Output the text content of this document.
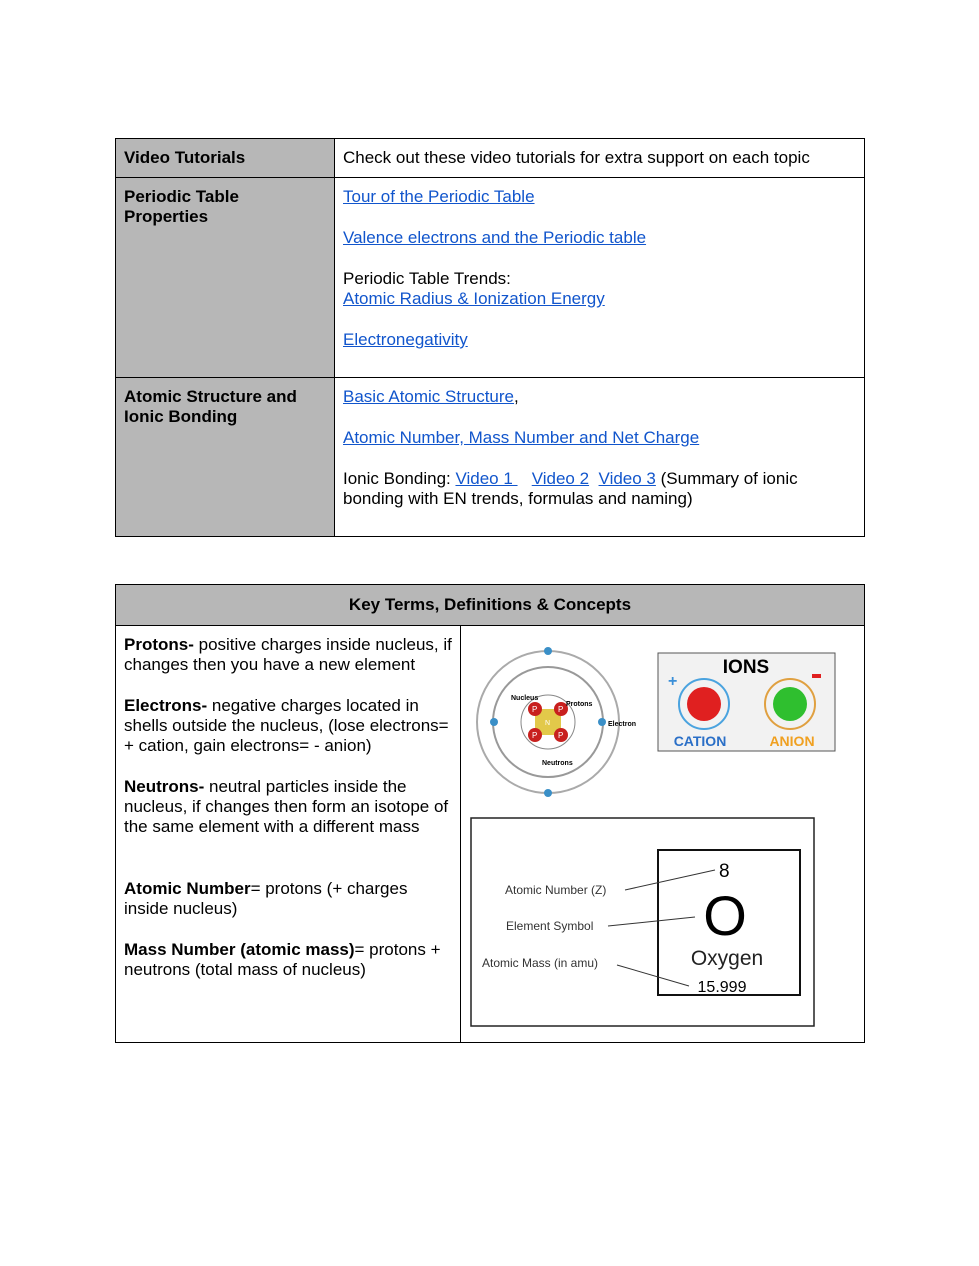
Video Tutorials	Check out these video tutorials for extra support on each topic
Periodic Table Properties	Tour of the Periodic Table

Valence electrons and the Periodic table

Periodic Table Trends:

Atomic Radius & Ionization Energy

Electronegativity

Atomic Structure and Ionic Bonding	Basic Atomic Structure,

Atomic Number, Mass Number and Net Charge

Ionic Bonding: Video 1    Video 2 Video 3 (Summary of ionic bonding with EN trends, formulas and naming)

Key Terms, Definitions & Concepts

Protons- positive charges inside nucleus, if changes then you have a new element

Electrons- negative charges located in shells outside the nucleus, (lose electrons= + cation, gain electrons= - anion)

Neutrons- neutral particles inside the nucleus, if changes then form an isotope of the same element with a different mass

Atomic Number= protons (+ charges inside nucleus)

Mass Number (atomic mass)= protons + neutrons (total mass of nucleus)

P	P
P	P
N
Nucleus
Protons
Electron
Neutrons
IONS
+
CATION	ANION
Atomic Number (Z)
Element Symbol
Atomic Mass (in amu)
8
O
Oxygen
15.999
